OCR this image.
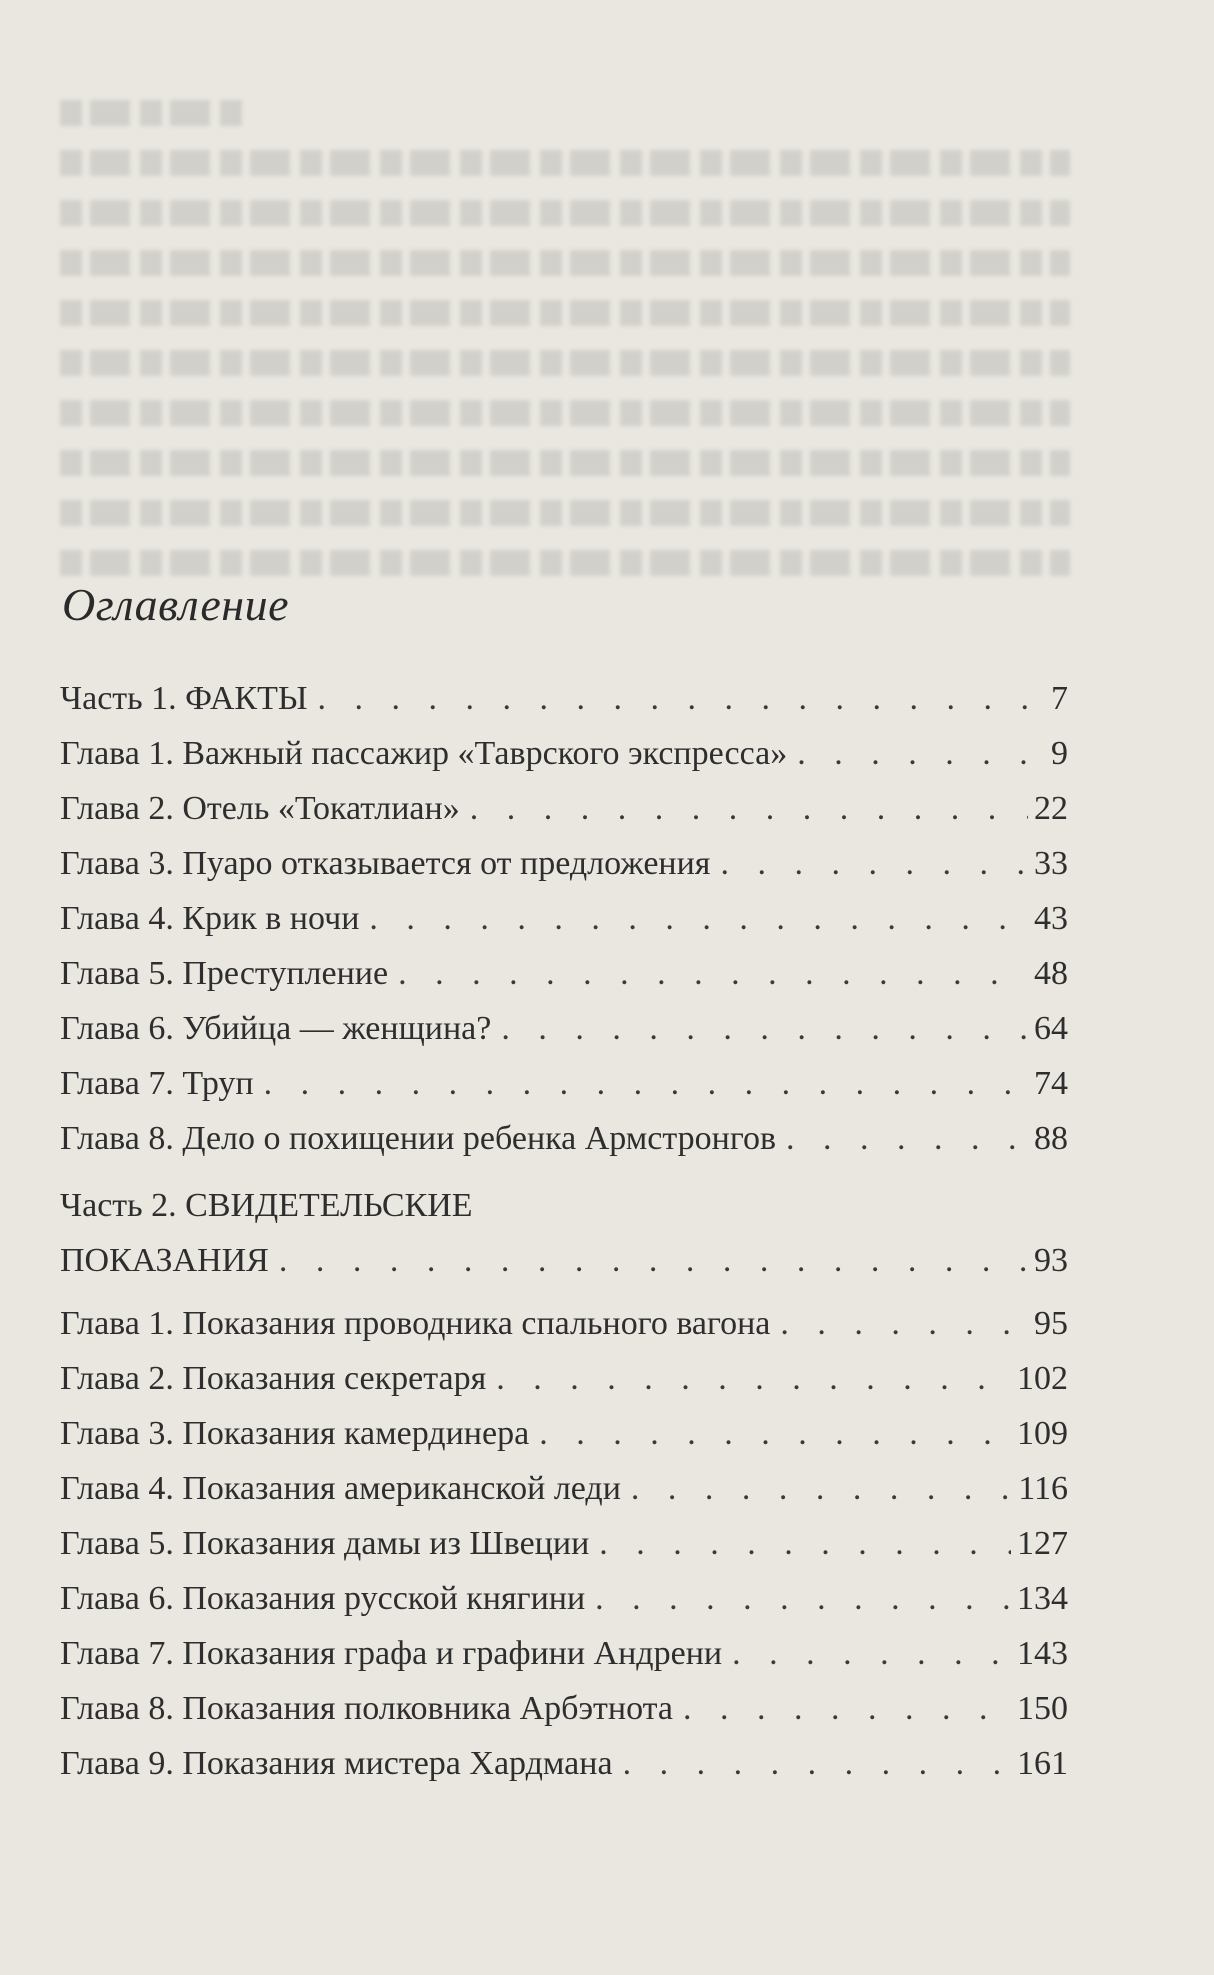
Оглавление
Часть 1. ФАКТЫ . . .	7
Глава 1. Важный пассажир «Таврского экспресса» . . .	9
Глава 2. Отель «Токатлиан» . . .	22
Глава 3. Пуаро отказывается от предложения . . .	33
Глава 4. Крик в ночи . . .	43
Глава 5. Преступление . . .	48
Глава 6. Убийца — женщина? . . .	64
Глава 7. Труп . . .	74
Глава 8. Дело о похищении ребенка Армстронгов . . .	88
Часть 2. СВИДЕТЕЛЬСКИЕ
ПОКАЗАНИЯ . . .	93
Глава 1. Показания проводника спального вагона . . .	95
Глава 2. Показания секретаря . . .	102
Глава 3. Показания камердинера . . .	109
Глава 4. Показания американской леди . . .	116
Глава 5. Показания дамы из Швеции . . .	127
Глава 6. Показания русской княгини . . .	134
Глава 7. Показания графа и графини Андрени . . .	143
Глава 8. Показания полковника Арбэтнота . . .	150
Глава 9. Показания мистера Хардмана . . .	161
